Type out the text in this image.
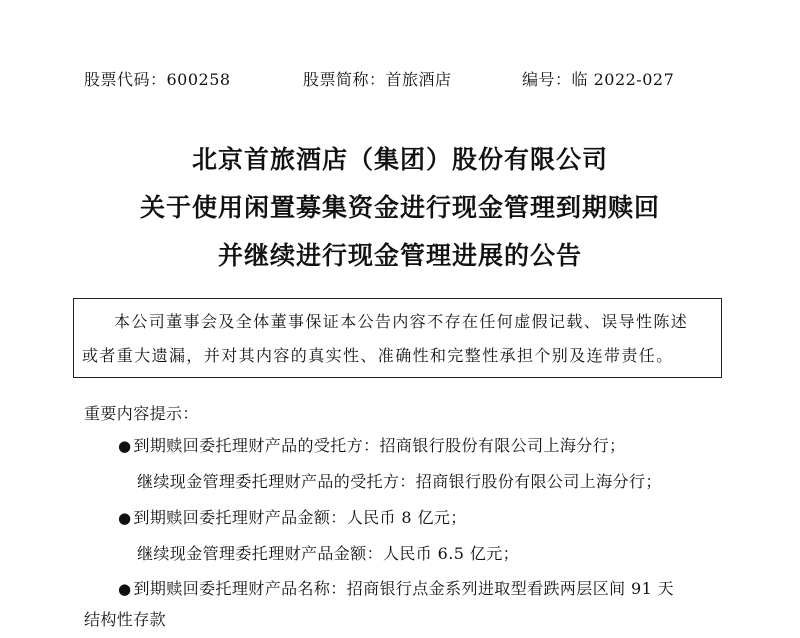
股票代码：600258	股票简称：首旅酒店	编号：临 2022-027
北京首旅酒店（集团）股份有限公司
关于使用闲置募集资金进行现金管理到期赎回
并继续进行现金管理进展的公告
本公司董事会及全体董事保证本公告内容不存在任何虚假记载、误导性陈述
或者重大遗漏，并对其内容的真实性、准确性和完整性承担个别及连带责任。
重要内容提示：
● 到期赎回委托理财产品的受托方：招商银行股份有限公司上海分行；
继续现金管理委托理财产品的受托方：招商银行股份有限公司上海分行；
● 到期赎回委托理财产品金额：人民币 8 亿元；
继续现金管理委托理财产品金额：人民币 6.5 亿元；
● 到期赎回委托理财产品名称：招商银行点金系列进取型看跌两层区间 91 天
结构性存款
